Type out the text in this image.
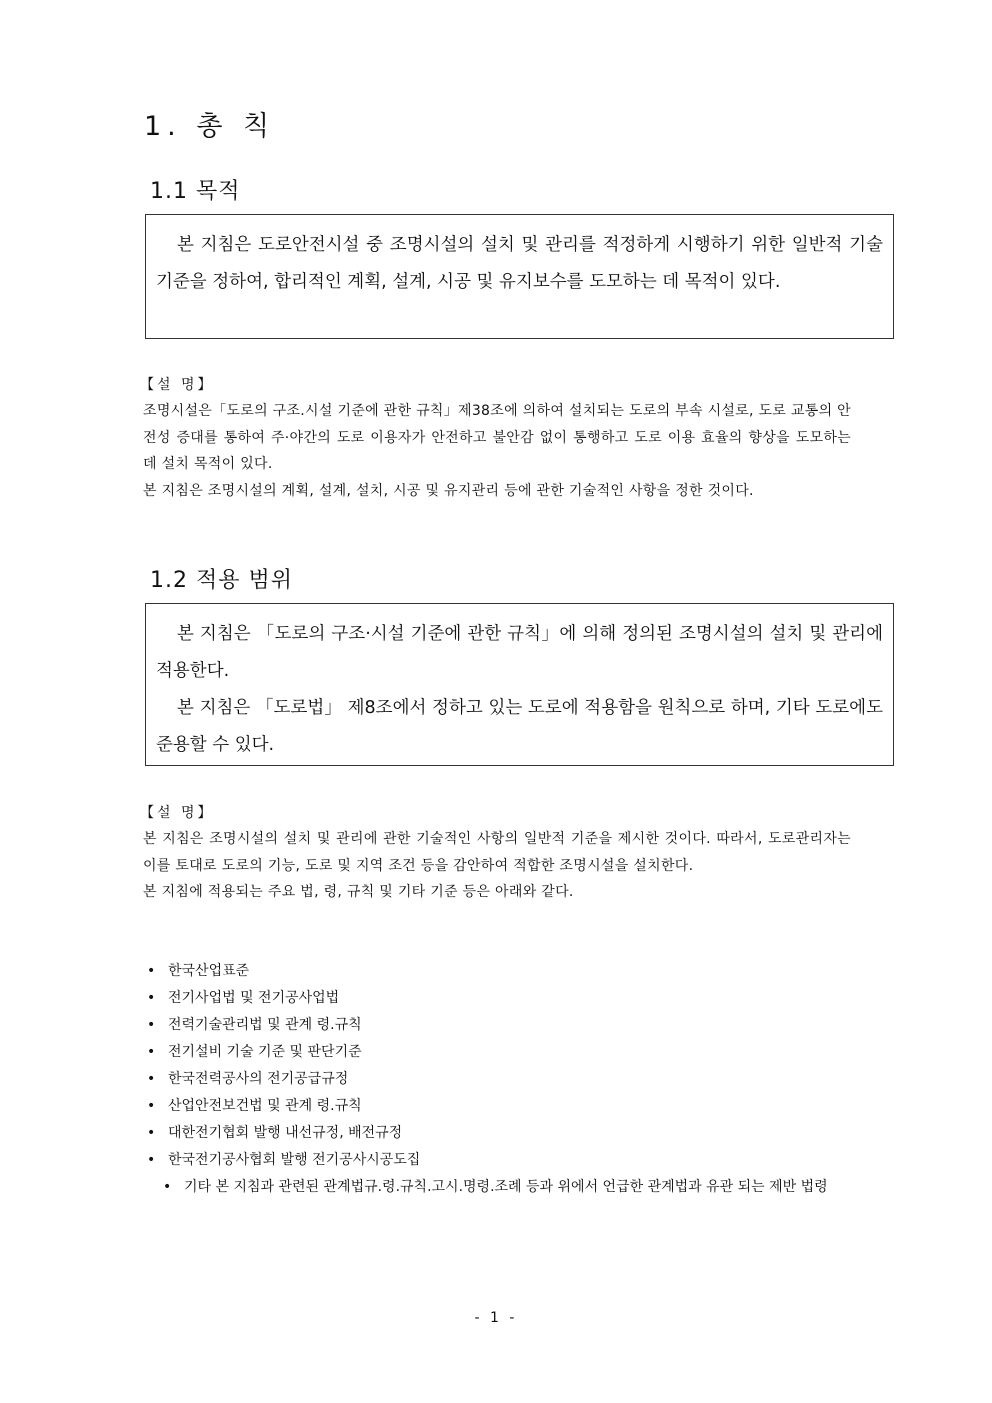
1. 총 칙
1.1 목적

본 지침은 도로안전시설 중 조명시설의 설치 및 관리를 적정하게 시행하기 위한 일반적 기술 기준을 정하여, 합리적인 계획, 설계, 시공 및 유지보수를 도모하는 데 목적이 있다.

【설 명】

조명시설은「도로의 구조.시설 기준에 관한 규칙」제38조에 의하여 설치되는 도로의 부속 시설로, 도로 교통의 안전성 증대를 통하여 주·야간의 도로 이용자가 안전하고 불안감 없이 통행하고 도로 이용 효율의 향상을 도모하는 데 설치 목적이 있다.

본 지침은 조명시설의 계획, 설계, 설치, 시공 및 유지관리 등에 관한 기술적인 사항을 정한 것이다.

1.2 적용 범위

본 지침은 「도로의 구조·시설 기준에 관한 규칙」에 의해 정의된 조명시설의 설치 및 관리에 적용한다.

본 지침은 「도로법」 제8조에서 정하고 있는 도로에 적용함을 원칙으로 하며, 기타 도로에도 준용할 수 있다.

【설 명】

본 지침은 조명시설의 설치 및 관리에 관한 기술적인 사항의 일반적 기준을 제시한 것이다. 따라서, 도로관리자는 이를 토대로 도로의 기능, 도로 및 지역 조건 등을 감안하여 적합한 조명시설을 설치한다.

본 지침에 적용되는 주요 법, 령, 규칙 및 기타 기준 등은 아래와 같다.

• 한국산업표준
• 전기사업법 및 전기공사업법
• 전력기술관리법 및 관계 령.규칙
• 전기설비 기술 기준 및 판단기준
• 한국전력공사의 전기공급규정
• 산업안전보건법 및 관계 령.규칙
• 대한전기협회 발행 내선규정, 배전규정
• 한국전기공사협회 발행 전기공사시공도집
• 기타 본 지침과 관련된 관계법규.령.규칙.고시.명령.조례 등과 위에서 언급한 관계법과 유관 되는 제반 법령
- 1 -
